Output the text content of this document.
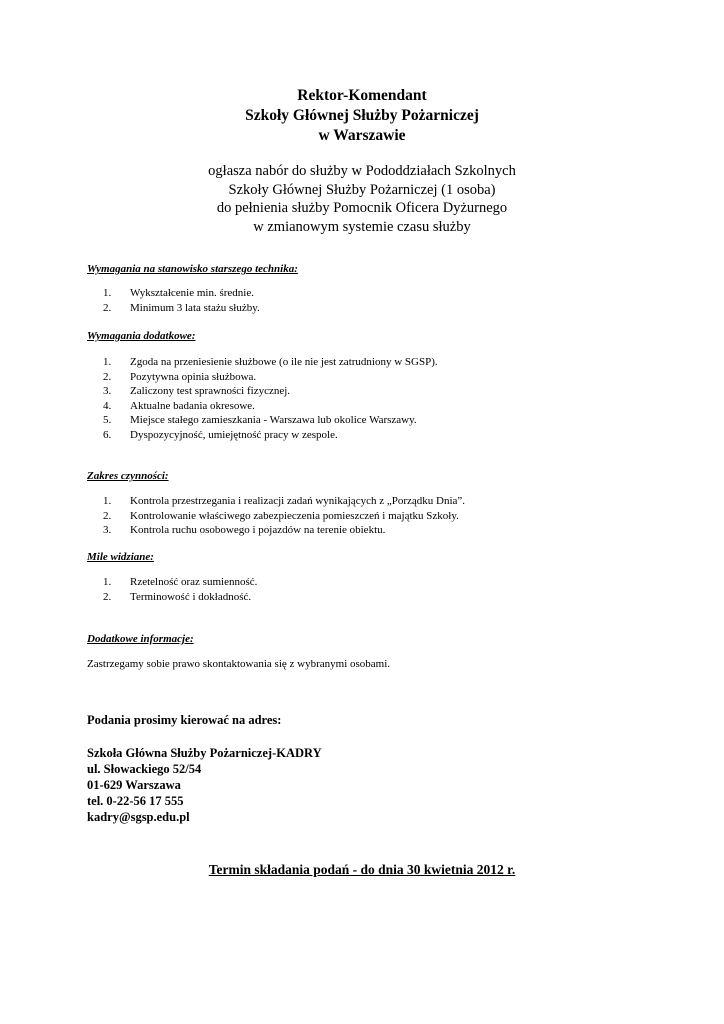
Rektor-Komendant
Szkoły Głównej Służby Pożarniczej
w Warszawie
ogłasza nabór do służby w Pododdziałach Szkolnych
Szkoły Głównej Służby Pożarniczej (1 osoba)
do pełnienia służby Pomocnik Oficera Dyżurnego
w zmianowym systemie czasu służby
Wymagania na stanowisko starszego technika:
1. Wykształcenie min. średnie.
2. Minimum 3 lata stażu służby.
Wymagania dodatkowe:
1. Zgoda na przeniesienie służbowe (o ile nie jest zatrudniony w SGSP).
2. Pozytywna opinia służbowa.
3. Zaliczony test sprawności fizycznej.
4. Aktualne badania okresowe.
5. Miejsce stałego zamieszkania - Warszawa lub okolice Warszawy.
6. Dyspozycyjność, umiejętność pracy w zespole.
Zakres czynności:
1. Kontrola przestrzegania i realizacji zadań wynikających z „Porządku Dnia”.
2. Kontrolowanie właściwego zabezpieczenia pomieszczeń i majątku Szkoły.
3. Kontrola ruchu osobowego i pojazdów na terenie obiektu.
Mile widziane:
1. Rzetelność oraz sumienność.
2. Terminowość i dokładność.
Dodatkowe informacje:
Zastrzegamy sobie prawo skontaktowania się z wybranymi osobami.
Podania prosimy kierować na adres:
Szkoła Główna Służby Pożarniczej-KADRY
ul. Słowackiego 52/54
01-629 Warszawa
tel. 0-22-56 17 555
kadry@sgsp.edu.pl
Termin składania podań - do dnia 30 kwietnia 2012 r.
